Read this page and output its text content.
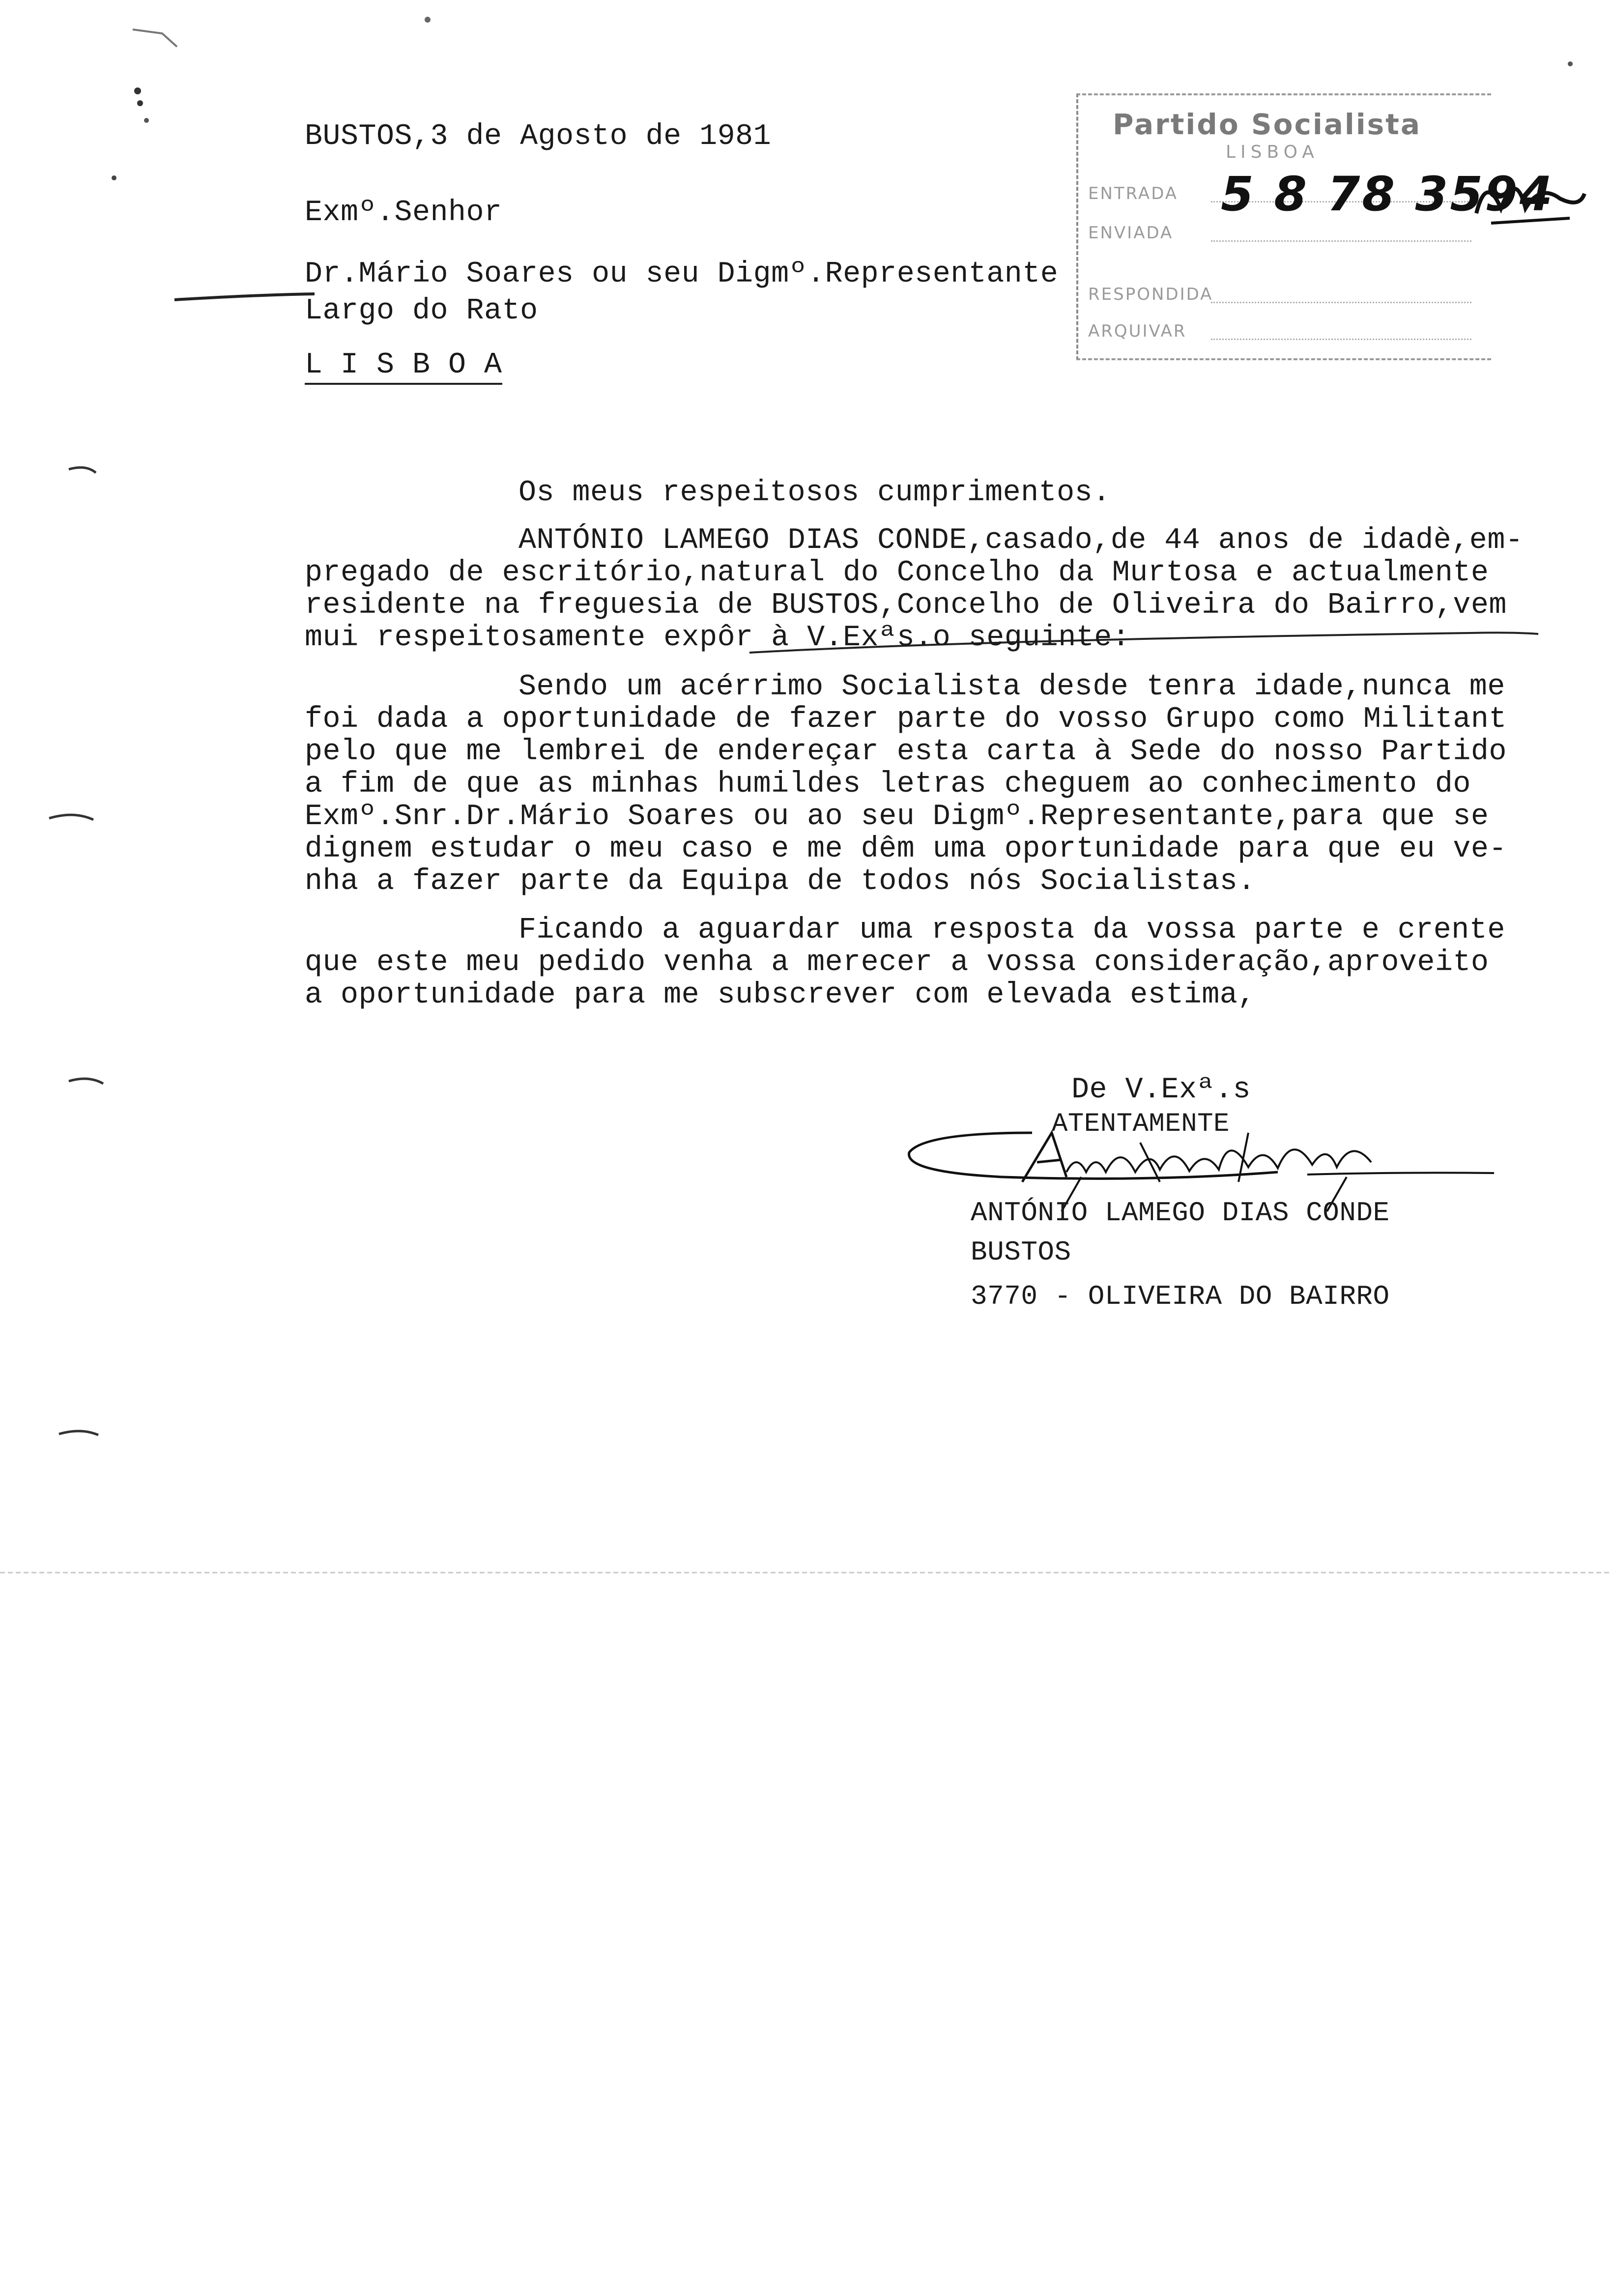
BUSTOS,3 de Agosto de 1981
Exmº.Senhor
Dr.Mário Soares ou seu Digmº.Representante
Largo do Rato
L I S B O A
Os meus respeitosos cumprimentos.
ANTÓNIO LAMEGO DIAS CONDE,casado,de 44 anos de idadè,em-
pregado de escritório,natural do Concelho da Murtosa e actualmente
residente na freguesia de BUSTOS,Concelho de Oliveira do Bairro,vem
mui respeitosamente expôr à V.Exªs.o seguinte:
Sendo um acérrimo Socialista desde tenra idade,nunca me
foi dada a oportunidade de fazer parte do vosso Grupo como Militant
pelo que me lembrei de endereçar esta carta à Sede do nosso Partido
a fim de que as minhas humildes letras cheguem ao conhecimento do
Exmº.Snr.Dr.Mário Soares ou ao seu Digmº.Representante,para que se
dignem estudar o meu caso e me dêm uma oportunidade para que eu ve-
nha a fazer parte da Equipa de todos nós Socialistas.
Ficando a aguardar uma resposta da vossa parte e crente
que este meu pedido venha a merecer a vossa consideração,aproveito
a oportunidade para me subscrever com elevada estima,
De V.Exª.s
ATENTAMENTE
ANTÓNIO LAMEGO DIAS CONDE
BUSTOS
3770 - OLIVEIRA DO BAIRRO
Partido Socialista
LISBOA
ENTRADA
ENVIADA
RESPONDIDA
ARQUIVAR
5 8 78 3594
